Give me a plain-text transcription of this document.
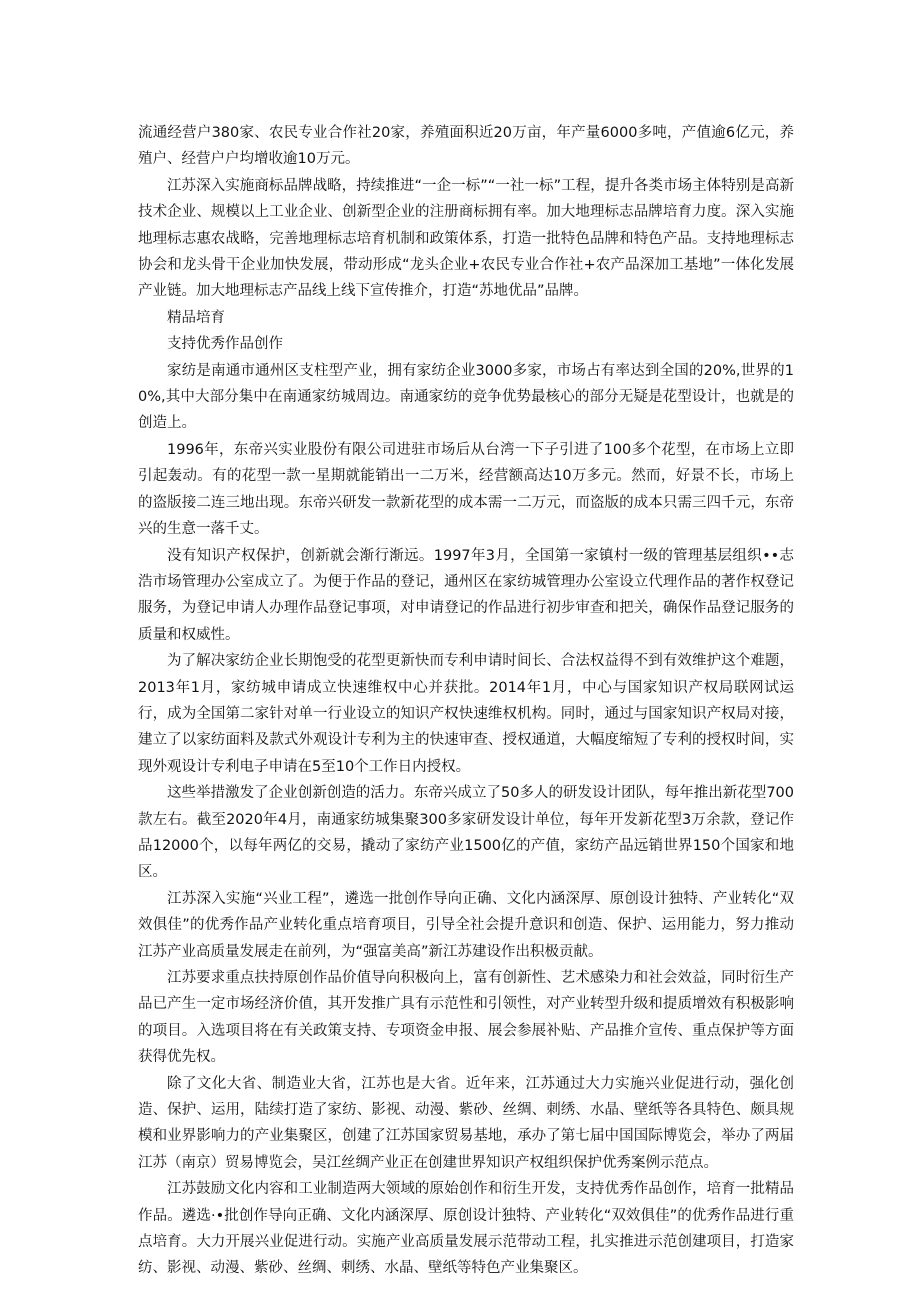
流通经营户380家、农民专业合作社20家，养殖面积近20万亩，年产量6000多吨，产值逾6亿元，养殖户、经营户户均增收逾10万元。

江苏深入实施商标品牌战略，持续推进“一企一标”“一社一标”工程，提升各类市场主体特别是高新技术企业、规模以上工业企业、创新型企业的注册商标拥有率。加大地理标志品牌培育力度。深入实施地理标志惠农战略，完善地理标志培育机制和政策体系，打造一批特色品牌和特色产品。支持地理标志协会和龙头骨干企业加快发展，带动形成“龙头企业+农民专业合作社+农产品深加工基地”一体化发展产业链。加大地理标志产品线上线下宣传推介，打造“苏地优品”品牌。

精品培育

支持优秀作品创作

家纺是南通市通州区支柱型产业，拥有家纺企业3000多家，市场占有率达到全国的20%,世界的10%,其中大部分集中在南通家纺城周边。南通家纺的竞争优势最核心的部分无疑是花型设计，也就是的创造上。

1996年，东帝兴实业股份有限公司进驻市场后从台湾一下子引进了100多个花型，在市场上立即引起轰动。有的花型一款一星期就能销出一二万米，经营额高达10万多元。然而，好景不长，市场上的盗版接二连三地出现。东帝兴研发一款新花型的成本需一二万元，而盗版的成本只需三四千元，东帝兴的生意一落千丈。

没有知识产权保护，创新就会渐行渐远。1997年3月，全国第一家镇村一级的管理基层组织••志浩市场管理办公室成立了。为便于作品的登记，通州区在家纺城管理办公室设立代理作品的著作权登记服务，为登记申请人办理作品登记事项，对申请登记的作品进行初步审查和把关，确保作品登记服务的质量和权威性。

为了解决家纺企业长期饱受的花型更新快而专利申请时间长、合法权益得不到有效维护这个难题，2013年1月，家纺城申请成立快速维权中心并获批。2014年1月，中心与国家知识产权局联网试运行，成为全国第二家针对单一行业设立的知识产权快速维权机构。同时，通过与国家知识产权局对接，建立了以家纺面料及款式外观设计专利为主的快速审查、授权通道，大幅度缩短了专利的授权时间，实现外观设计专利电子申请在5至10个工作日内授权。

这些举措激发了企业创新创造的活力。东帝兴成立了50多人的研发设计团队，每年推出新花型700款左右。截至2020年4月，南通家纺城集聚300多家研发设计单位，每年开发新花型3万余款，登记作品12000个，以每年两亿的交易，撬动了家纺产业1500亿的产值，家纺产品远销世界150个国家和地区。

江苏深入实施“兴业工程”，遴选一批创作导向正确、文化内涵深厚、原创设计独特、产业转化“双效俱佳”的优秀作品产业转化重点培育项目，引导全社会提升意识和创造、保护、运用能力，努力推动江苏产业高质量发展走在前列，为“强富美高”新江苏建设作出积极贡献。

江苏要求重点扶持原创作品价值导向积极向上，富有创新性、艺术感染力和社会效益，同时衍生产品已产生一定市场经济价值，其开发推广具有示范性和引领性，对产业转型升级和提质增效有积极影响的项目。入选项目将在有关政策支持、专项资金申报、展会参展补贴、产品推介宣传、重点保护等方面获得优先权。

除了文化大省、制造业大省，江苏也是大省。近年来，江苏通过大力实施兴业促进行动，强化创造、保护、运用，陆续打造了家纺、影视、动漫、紫砂、丝绸、刺绣、水晶、壁纸等各具特色、颇具规模和业界影响力的产业集聚区，创建了江苏国家贸易基地，承办了第七届中国国际博览会，举办了两届江苏（南京）贸易博览会，吴江丝绸产业正在创建世界知识产权组织保护优秀案例示范点。

江苏鼓励文化内容和工业制造两大领域的原始创作和衍生开发，支持优秀作品创作，培育一批精品作品。遴选·•批创作导向正确、文化内涵深厚、原创设计独特、产业转化“双效俱佳”的优秀作品进行重点培育。大力开展兴业促进行动。实施产业高质量发展示范带动工程，扎实推进示范创建项目，打造家纺、影视、动漫、紫砂、丝绸、刺绣、水晶、壁纸等特色产业集聚区。
